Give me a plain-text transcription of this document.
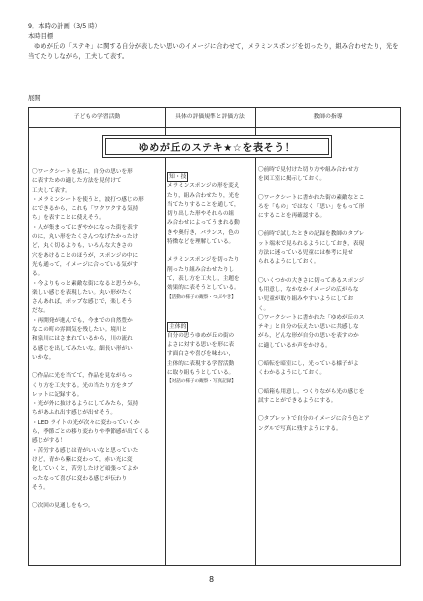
9．本時の計画（3/5 時）
本時目標
ゆめが丘の「ステキ」に関する自分が表したい思いのイメージに合わせて，メラミンスポンジを切ったり，組み合わせたり，光を当てたりしながら，工夫して表す。
展開
子どもの学習活動	具体の評価規準と評価方法	教師の指導
ゆめが丘のステキ★☆を表そう！

〇ワークシートを基に，自分の思いを形

に表すための適した方法を見付けて

工夫して表す。

・メラミンシートを使うと，波打つ感じの形

にできるから，これも「ワクワクする気持

ち」を表すことに使えそう。

・人が集まってにぎやかになった街を表す

のに，丸い形をたくさんつなげたかったけ

ど，丸く切るよりも，いろんな大きさの

穴をあけることのほうが，スポンジの中に

光も通って，イメージに合っている気がす

る。

・今よりもっと素敵な街になると思うから，

楽しい感じを表現したい。丸い形がたく

さんあれば，ポップな感じで，楽しそう

だな。

・再開発が進んでも，今までの自然豊か

なこの町の雰囲気を残したい。境川と

和泉川にはさまれているから，川の流れ

る感じを出してみたいな。細長い形がい

いかな。

〇作品に光を当てて，作品を見ながらっ

くり方を工夫する。光の当たり方をタブ

レットに記録する。

・光が外に抜けるようにしてみたら，気持

ちがあふれ出す感じが出せそう。

・LED ライトの光が次々に変わっていくか

ら，季節ごとの移り変わりや季節感が出てくる

感じがする！

・苦労する感じは青がいいなと思っていた

けど，青から紫に変わって，赤い光に変

化していくと，苦労したけど頑張ってよか

ったなって喜びに変わる感じが伝わり

そう。

〇次回の見通しをもつ。

知・技

メラミンスポンジの形を変え

たり，組み合わせたり，光を

当てたりすることを通して，

切り出した形やそれらの組

み合わせによってうまれる動

きや奥行き，バランス，色の

特徴などを理解している。

メラミンスポンジを切ったり

削ったり組み合わせたりし

て，表し方を工夫し，主題を

効果的に表そうとしている。

【活動の様子の観察・つぶやき】

主体的

自分の思うゆめが丘の街の

よさに対する思いを形に表

す面白さや喜びを味わい，

主体的に表現する学習活動

に取り組もうとしている。

【対話の様子の観察・写真記録】

〇前時で見付けた切り方や組み合わせ方

を図工室に掲示しておく。

〇ワークシートに書かれた街の素敵なとこ

ろを「もの」ではなく「思い」をもって形

にすることを再確認する。

〇前時で試したときの記録を教師のタブレ

ット端末で見られるようにしておき，表現

方法に迷っている児童には参考に見せ

られるようにしておく。

〇いくつかの大きさに切ってあるスポンジ

も用意し，なかなかイメージの広がらな

い児童が取り組みやすいようにしてお

く。

〇ワークシートに書かれた「ゆめが丘のス

テキ」と自分の伝えたい思いに共感しな

がら，どんな形が自分の思いを表すのか

に適しているか声をかける。

〇暗転を暗室にし，光っている様子がよ

くわかるようにしておく。

〇暗箱も用意し，つくりながら光の感じを

試すことができるようにする。

〇タブレットで自分のイメージに合う色とア

ングルで写真に残すようにする。

8
